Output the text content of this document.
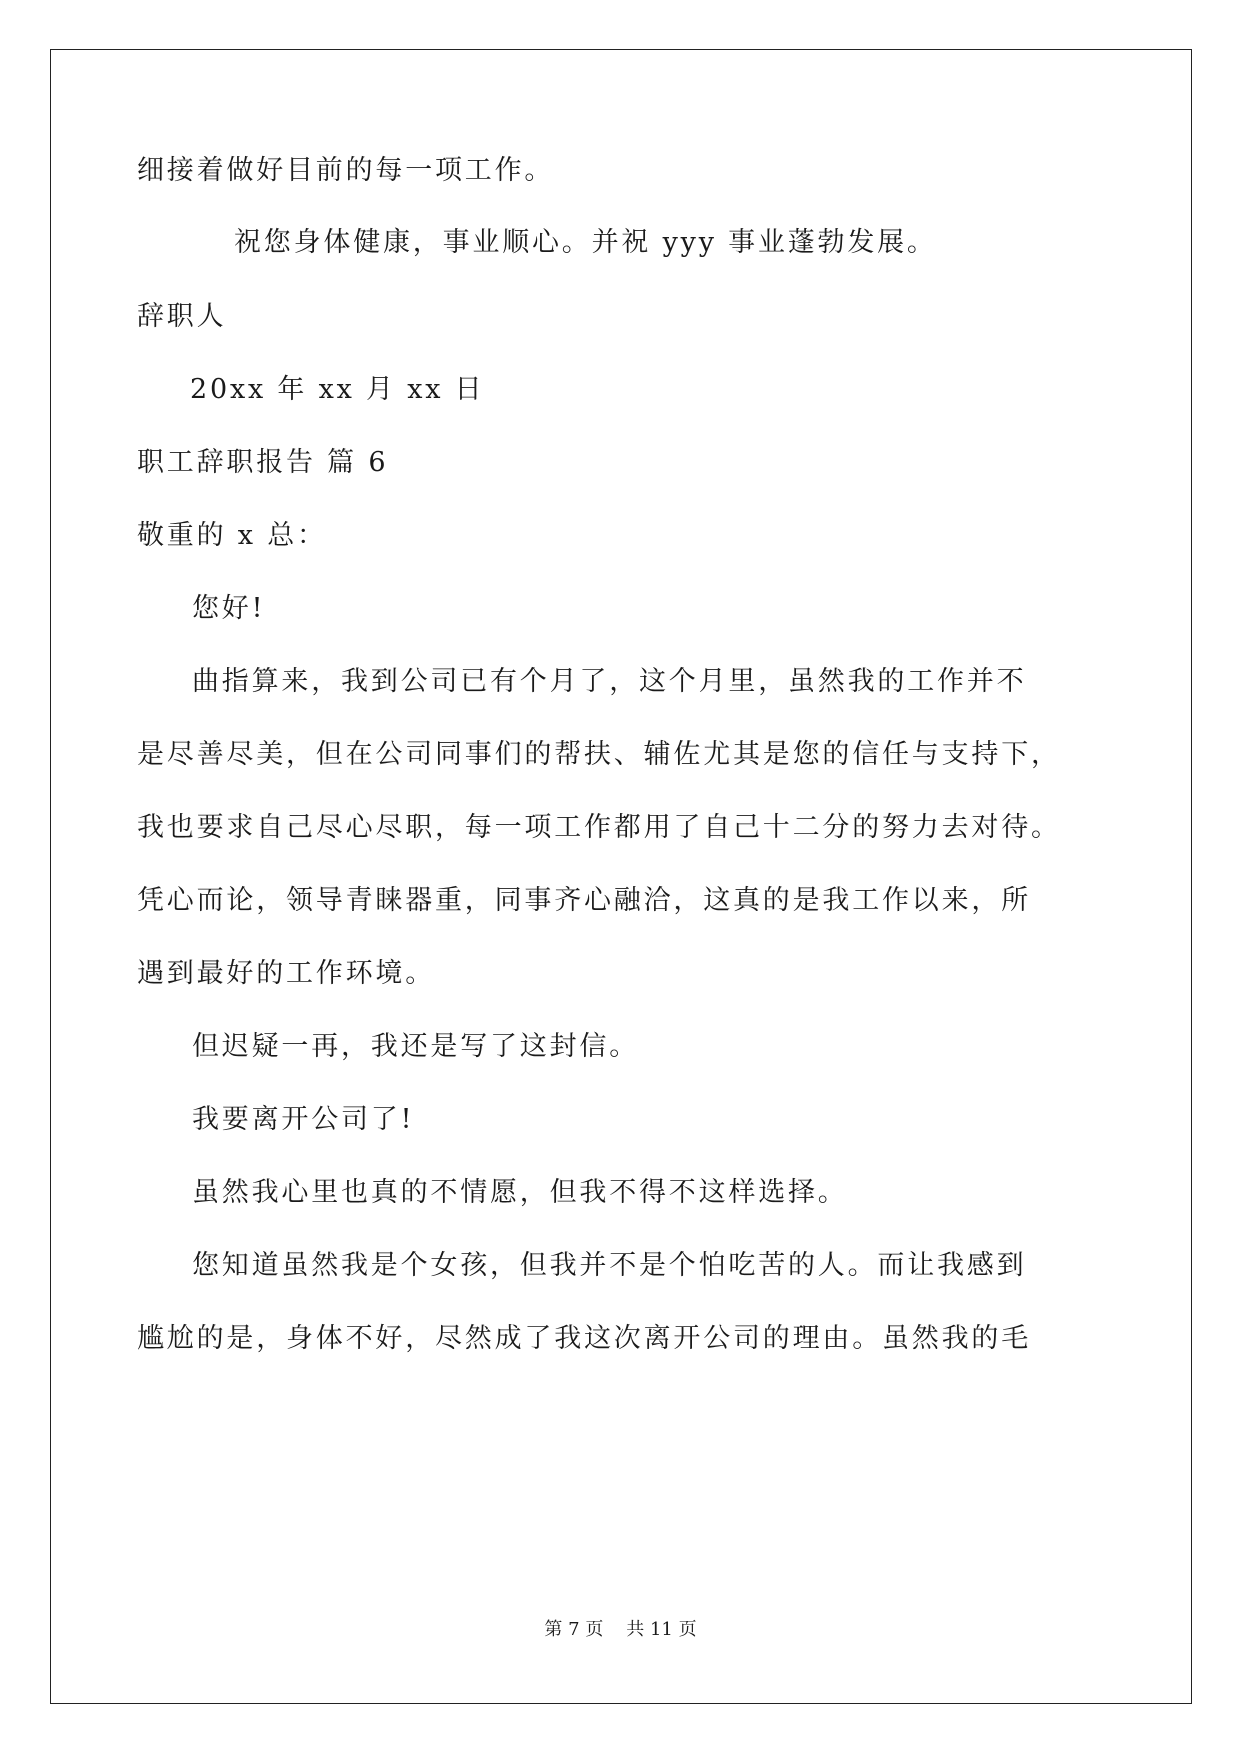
细接着做好目前的每一项工作。
祝您身体健康，事业顺心。并祝 yyy 事业蓬勃发展。
辞职人
20xx 年 xx 月 xx 日
职工辞职报告 篇 6
敬重的 x 总：
您好!
曲指算来，我到公司已有个月了，这个月里，虽然我的工作并不
是尽善尽美，但在公司同事们的帮扶、辅佐尤其是您的信任与支持下，
我也要求自己尽心尽职，每一项工作都用了自己十二分的努力去对待。
凭心而论，领导青睐器重，同事齐心融洽，这真的是我工作以来，所
遇到最好的工作环境。
但迟疑一再，我还是写了这封信。
我要离开公司了!
虽然我心里也真的不情愿，但我不得不这样选择。
您知道虽然我是个女孩，但我并不是个怕吃苦的人。而让我感到
尴尬的是，身体不好，尽然成了我这次离开公司的理由。虽然我的毛
第 7 页 共 11 页
